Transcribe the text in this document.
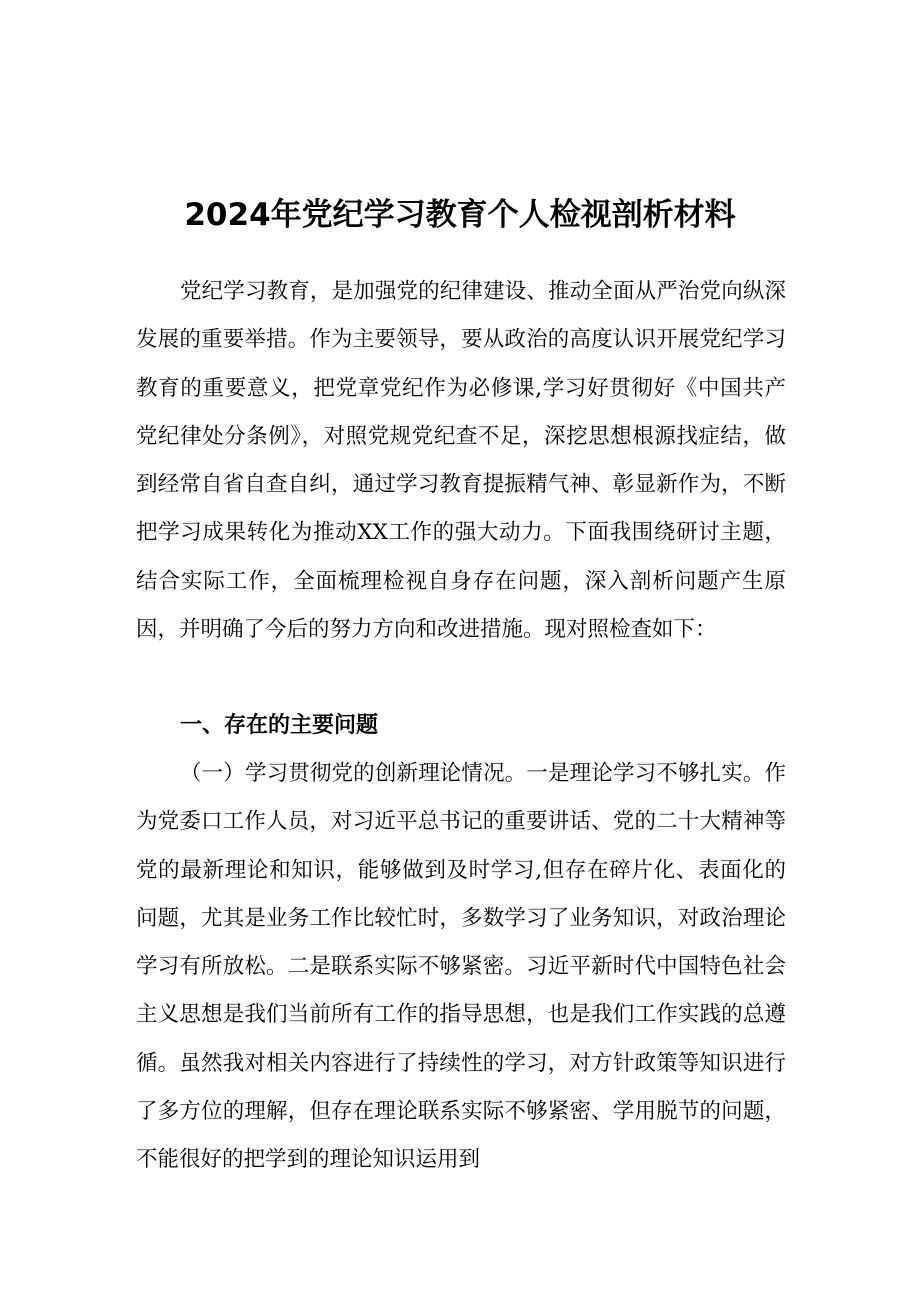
2024年党纪学习教育个人检视剖析材料

党纪学习教育，是加强党的纪律建设、推动全面从严治党向纵深发展的重要举措。作为主要领导，要从政治的高度认识开展党纪学习教育的重要意义，把党章党纪作为必修课,学习好贯彻好《中国共产党纪律处分条例》，对照党规党纪查不足，深挖思想根源找症结，做到经常自省自查自纠，通过学习教育提振精气神、彰显新作为，不断把学习成果转化为推动XX工作的强大动力。下面我围绕研讨主题，结合实际工作，全面梳理检视自身存在问题，深入剖析问题产生原因，并明确了今后的努力方向和改进措施。现对照检查如下：

一、存在的主要问题

（一）学习贯彻党的创新理论情况。一是理论学习不够扎实。作为党委口工作人员，对习近平总书记的重要讲话、党的二十大精神等党的最新理论和知识，能够做到及时学习,但存在碎片化、表面化的问题，尤其是业务工作比较忙时，多数学习了业务知识，对政治理论学习有所放松。二是联系实际不够紧密。习近平新时代中国特色社会主义思想是我们当前所有工作的指导思想，也是我们工作实践的总遵循。虽然我对相关内容进行了持续性的学习，对方针政策等知识进行了多方位的理解，但存在理论联系实际不够紧密、学用脱节的问题，不能很好的把学到的理论知识运用到
